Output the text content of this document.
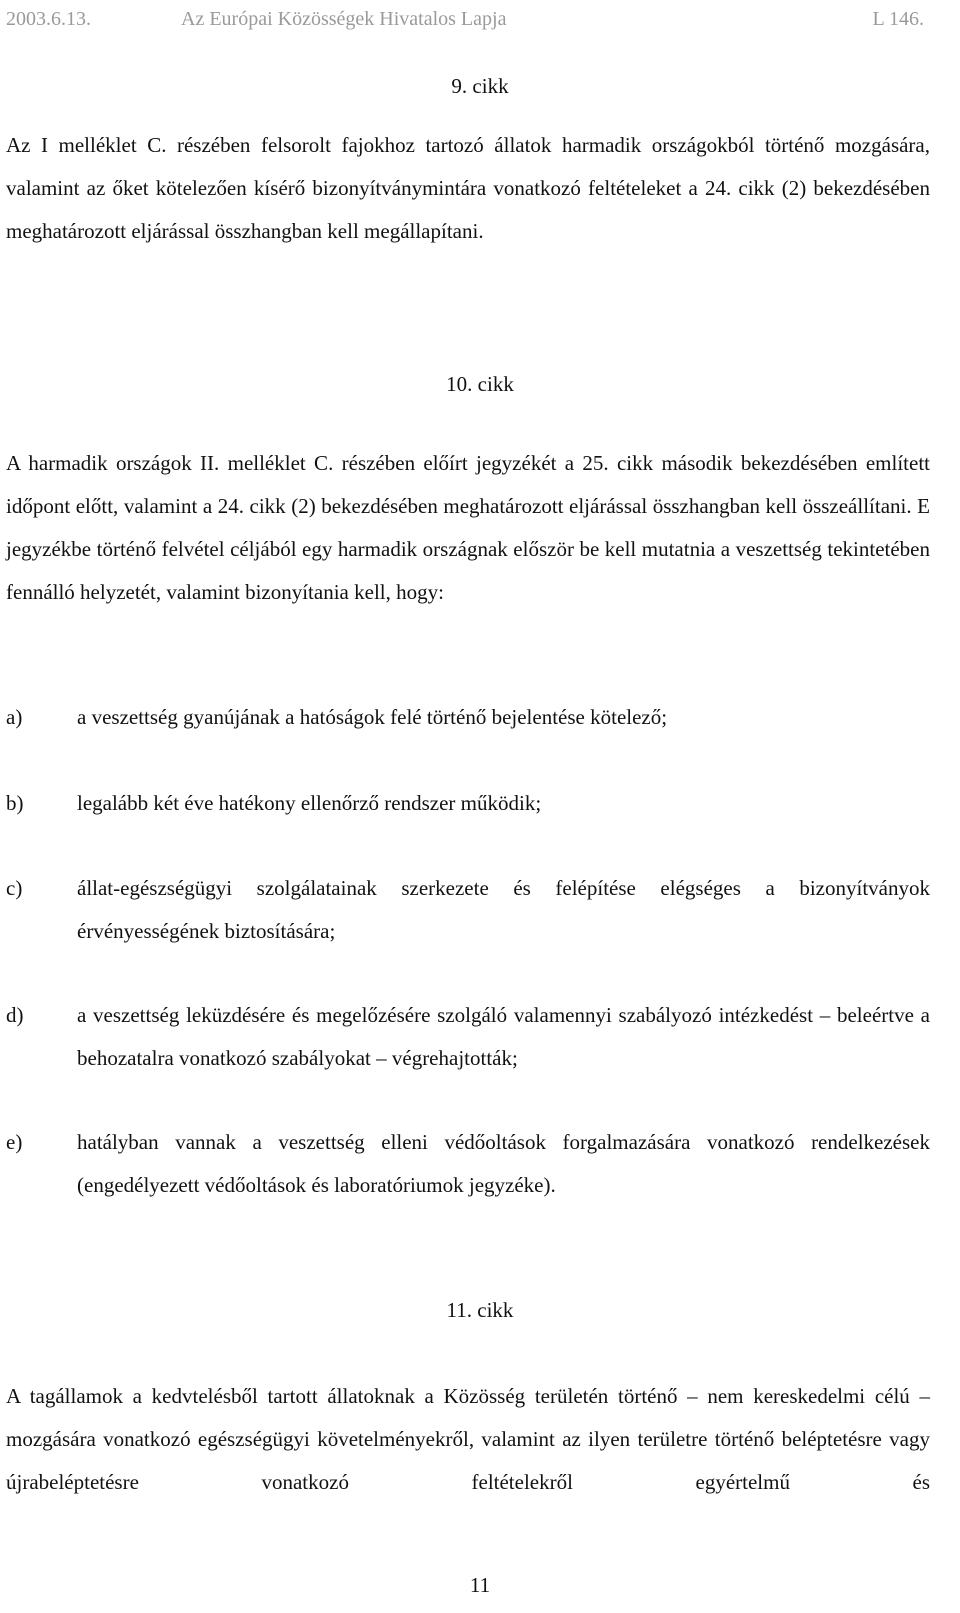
2003.6.13.	Az Európai Közösségek Hivatalos Lapja	L 146.
9. cikk
Az I melléklet C. részében felsorolt fajokhoz tartozó állatok harmadik országokból történő mozgására, valamint az őket kötelezően kísérő bizonyítványmintára vonatkozó feltételeket a 24. cikk (2) bekezdésében meghatározott eljárással összhangban kell megállapítani.
10. cikk
A harmadik országok II. melléklet C. részében előírt jegyzékét a 25. cikk második bekezdésében említett időpont előtt, valamint a 24. cikk (2) bekezdésében meghatározott eljárással összhangban kell összeállítani. E jegyzékbe történő felvétel céljából egy harmadik országnak először be kell mutatnia a veszettség tekintetében fennálló helyzetét, valamint bizonyítania kell, hogy:
a)	a veszettség gyanújának a hatóságok felé történő bejelentése kötelező;
b)	legalább két éve hatékony ellenőrző rendszer működik;
c)	állat-egészségügyi szolgálatainak szerkezete és felépítése elégséges a bizonyítványok érvényességének biztosítására;
d)	a veszettség leküzdésére és megelőzésére szolgáló valamennyi szabályozó intézkedést – beleértve a behozatalra vonatkozó szabályokat – végrehajtották;
e)	hatályban vannak a veszettség elleni védőoltások forgalmazására vonatkozó rendelkezések (engedélyezett védőoltások és laboratóriumok jegyzéke).
11. cikk
A tagállamok a kedvtelésből tartott állatoknak a Közösség területén történő – nem kereskedelmi célú – mozgására vonatkozó egészségügyi követelményekről, valamint az ilyen területre történő beléptetésre vagy újrabeléptetésre vonatkozó feltételekről egyértelmű és
11
